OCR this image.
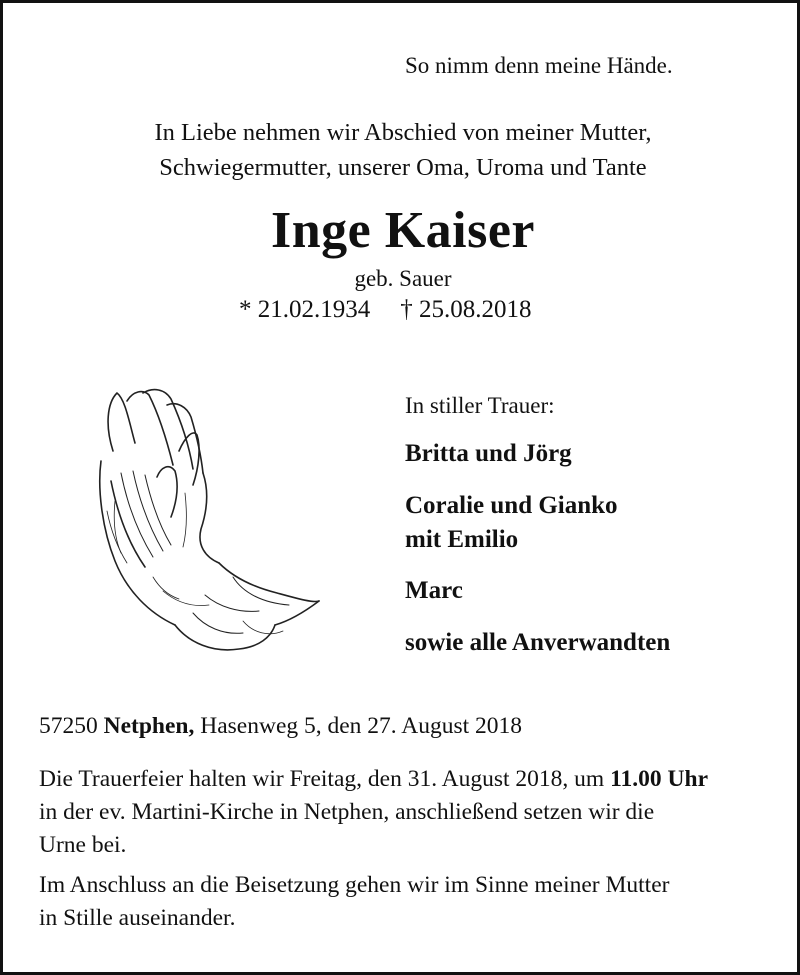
So nimm denn meine Hände.
In Liebe nehmen wir Abschied von meiner Mutter,
Schwiegermutter, unserer Oma, Uroma und Tante
Inge Kaiser
geb. Sauer
* 21.02.1934 † 25.08.2018
In stiller Trauer:
Britta und Jörg
Coralie und Gianko
mit Emilio
Marc
sowie alle Anverwandten
57250 Netphen, Hasenweg 5, den 27. August 2018
Die Trauerfeier halten wir Freitag, den 31. August 2018, um 11.00 Uhr
in der ev. Martini-Kirche in Netphen, anschließend setzen wir die
Urne bei.
Im Anschluss an die Beisetzung gehen wir im Sinne meiner Mutter
in Stille auseinander.
